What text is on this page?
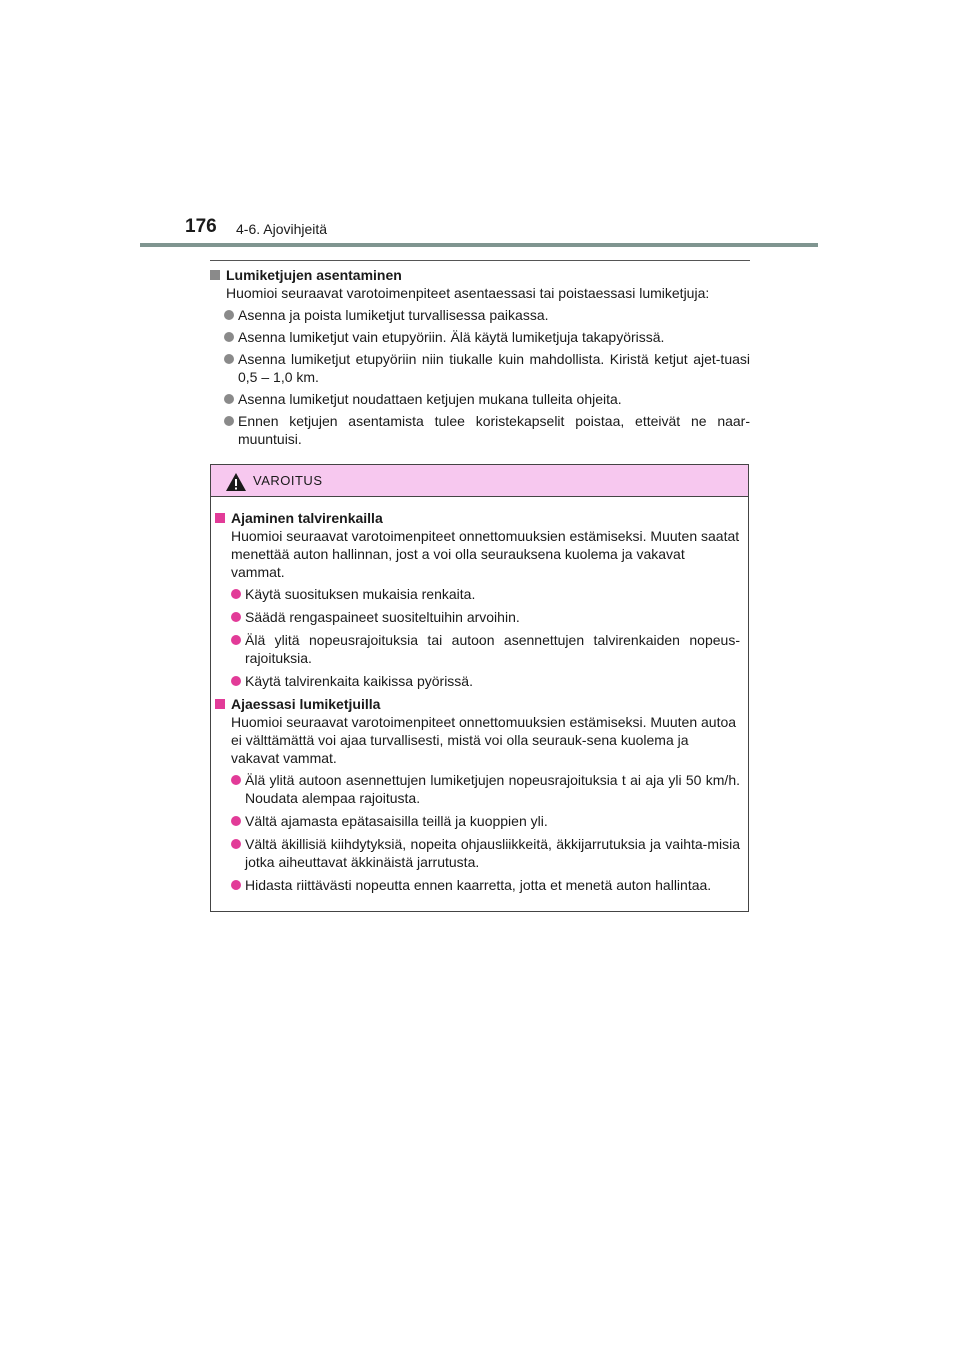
176 4-6. Ajovihjeitä

Lumiketjujen asentaminen

Huomioi seuraavat varotoimenpiteet asentaessasi tai poistaessasi lumiketjuja:

Asenna ja poista lumiketjut turvallisessa paikassa.

Asenna lumiketjut vain etupyöriin. Älä käytä lumiketjuja takapyörissä.

Asenna lumiketjut etupyöriin niin tiukalle kuin mahdollista. Kiristä ketjut ajet-tuasi 0,5 – 1,0 km.

Asenna lumiketjut noudattaen ketjujen mukana tulleita ohjeita.

Ennen ketjujen asentamista tulee koristekapselit poistaa, etteivät ne naar-muuntuisi.

VAROITUS

Ajaminen talvirenkailla

Huomioi seuraavat varotoimenpiteet onnettomuuksien estämiseksi. Muuten saatat menettää auton hallinnan, jost a voi olla seurauksena kuolema ja vakavat vammat.

Käytä suosituksen mukaisia renkaita.

Säädä rengaspaineet suositeltuihin arvoihin.

Älä ylitä nopeusrajoituksia tai autoon asennettujen talvirenkaiden nopeus-rajoituksia.

Käytä talvirenkaita kaikissa pyörissä.

Ajaessasi lumiketjuilla

Huomioi seuraavat varotoimenpiteet onnettomuuksien estämiseksi. Muuten autoa ei välttämättä voi ajaa turvallisesti, mistä voi olla seurauk-sena kuolema ja vakavat vammat.

Älä ylitä autoon asennettujen lumiketjujen nopeusrajoituksia t ai aja yli 50 km/h. Noudata alempaa rajoitusta.

Vältä ajamasta epätasaisilla teillä ja kuoppien yli.

Vältä äkillisiä kiihdytyksiä, nopeita ohjausliikkeitä, äkkijarrutuksia ja vaihta-misia jotka aiheuttavat äkkinäistä jarrutusta.

Hidasta riittävästi nopeutta ennen kaarretta, jotta et menetä auton hallintaa.
